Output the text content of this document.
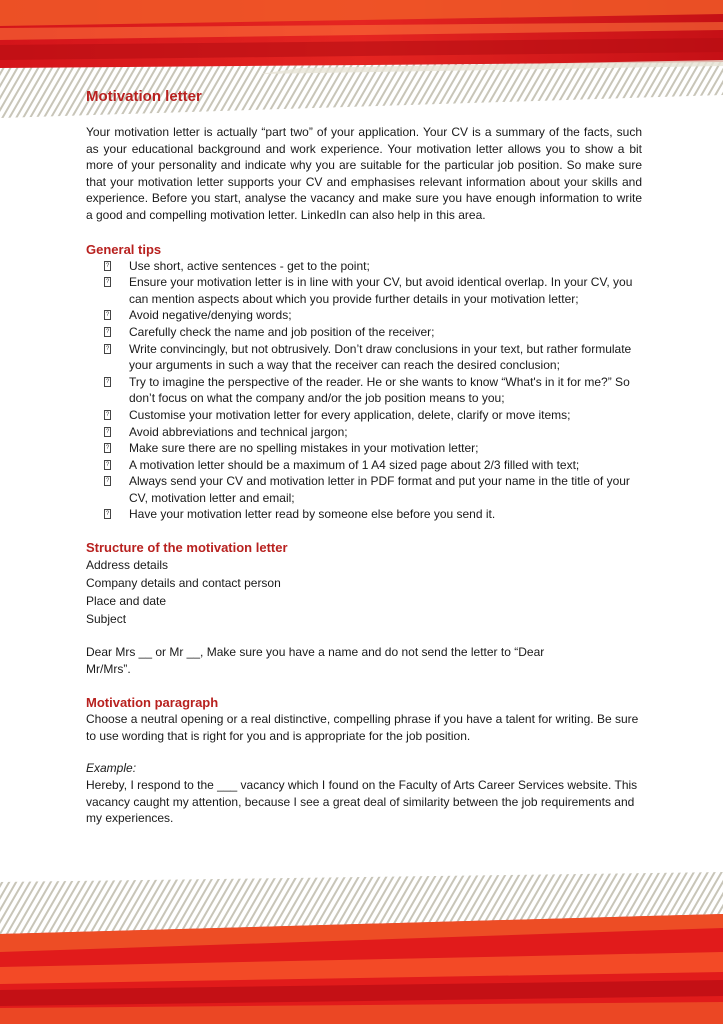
Motivation letter

Your motivation letter is actually “part two” of your application. Your CV is a summary of the facts, such as your educational background and work experience. Your motivation letter allows you to show a bit more of your personality and indicate why you are suitable for the particular job position. So make sure that your motivation letter supports your CV and emphasises relevant information about your skills and experience. Before you start, analyse the vacancy and make sure you have enough information to write a good and compelling motivation letter. LinkedIn can also help in this area.

General tips
? Use short, active sentences - get to the point;
? Ensure your motivation letter is in line with your CV, but avoid identical overlap. In your CV, you can mention aspects about which you provide further details in your motivation letter;
? Avoid negative/denying words;
? Carefully check the name and job position of the receiver;
? Write convincingly, but not obtrusively. Don’t draw conclusions in your text, but rather formulate your arguments in such a way that the receiver can reach the desired conclusion;
? Try to imagine the perspective of the reader. He or she wants to know “What's in it for me?” So don’t focus on what the company and/or the job position means to you;
? Customise your motivation letter for every application, delete, clarify or move items;
? Avoid abbreviations and technical jargon;
? Make sure there are no spelling mistakes in your motivation letter;
? A motivation letter should be a maximum of 1 A4 sized page about 2/3 filled with text;
? Always send your CV and motivation letter in PDF format and put your name in the title of your CV, motivation letter and email;
? Have your motivation letter read by someone else before you send it.
Structure of the motivation letter
Address details
Company details and contact person
Place and date
Subject

Dear Mrs __ or Mr __, Make sure you have a name and do not send the letter to “Dear Mr/Mrs”.

Motivation paragraph

Choose a neutral opening or a real distinctive, compelling phrase if you have a talent for writing. Be sure to use wording that is right for you and is appropriate for the job position.

Example:

Hereby, I respond to the ___ vacancy which I found on the Faculty of Arts Career Services website. This vacancy caught my attention, because I see a great deal of similarity between the job requirements and my experiences.
